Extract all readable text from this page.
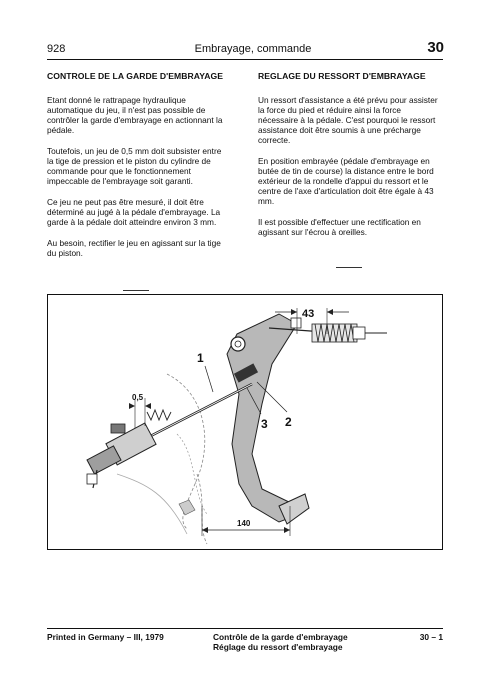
928	Embrayage, commande	30
CONTROLE DE LA GARDE D'EMBRAYAGE

Etant donné le rattrapage hydraulique automatique du jeu, il n'est pas possible de contrôler la garde d'embrayage en actionnant la pédale.

Toutefois, un jeu de 0,5 mm doit subsister entre la tige de pression et le piston du cylindre de commande pour que le fonctionnement impeccable de l'embrayage soit garanti.

Ce jeu ne peut pas être mesuré, il doit être déterminé au jugé à la pédale d'embrayage. La garde à la pédale doit atteindre environ 3 mm.

Au besoin, rectifier le jeu en agissant sur la tige du piston.

REGLAGE DU RESSORT D'EMBRAYAGE

Un ressort d'assistance a été prévu pour assister la force du pied et réduire ainsi la force nécessaire à la pédale. C'est pourquoi le ressort assistance doit être soumis à une précharge correcte.

En position embrayée (pédale d'embrayage en butée de tin de course) la distance entre le bord extérieur de la rondelle d'appui du ressort et le centre de l'axe d'articulation doit être égale à 43 mm.

Il est possible d'effectuer une rectification en agissant sur l'écrou à oreilles.

43
0,5
140
1
2
3
Printed in Germany – III, 1979	Contrôle de la garde d'embrayage
Réglage du ressort d'embrayage
30 – 1
